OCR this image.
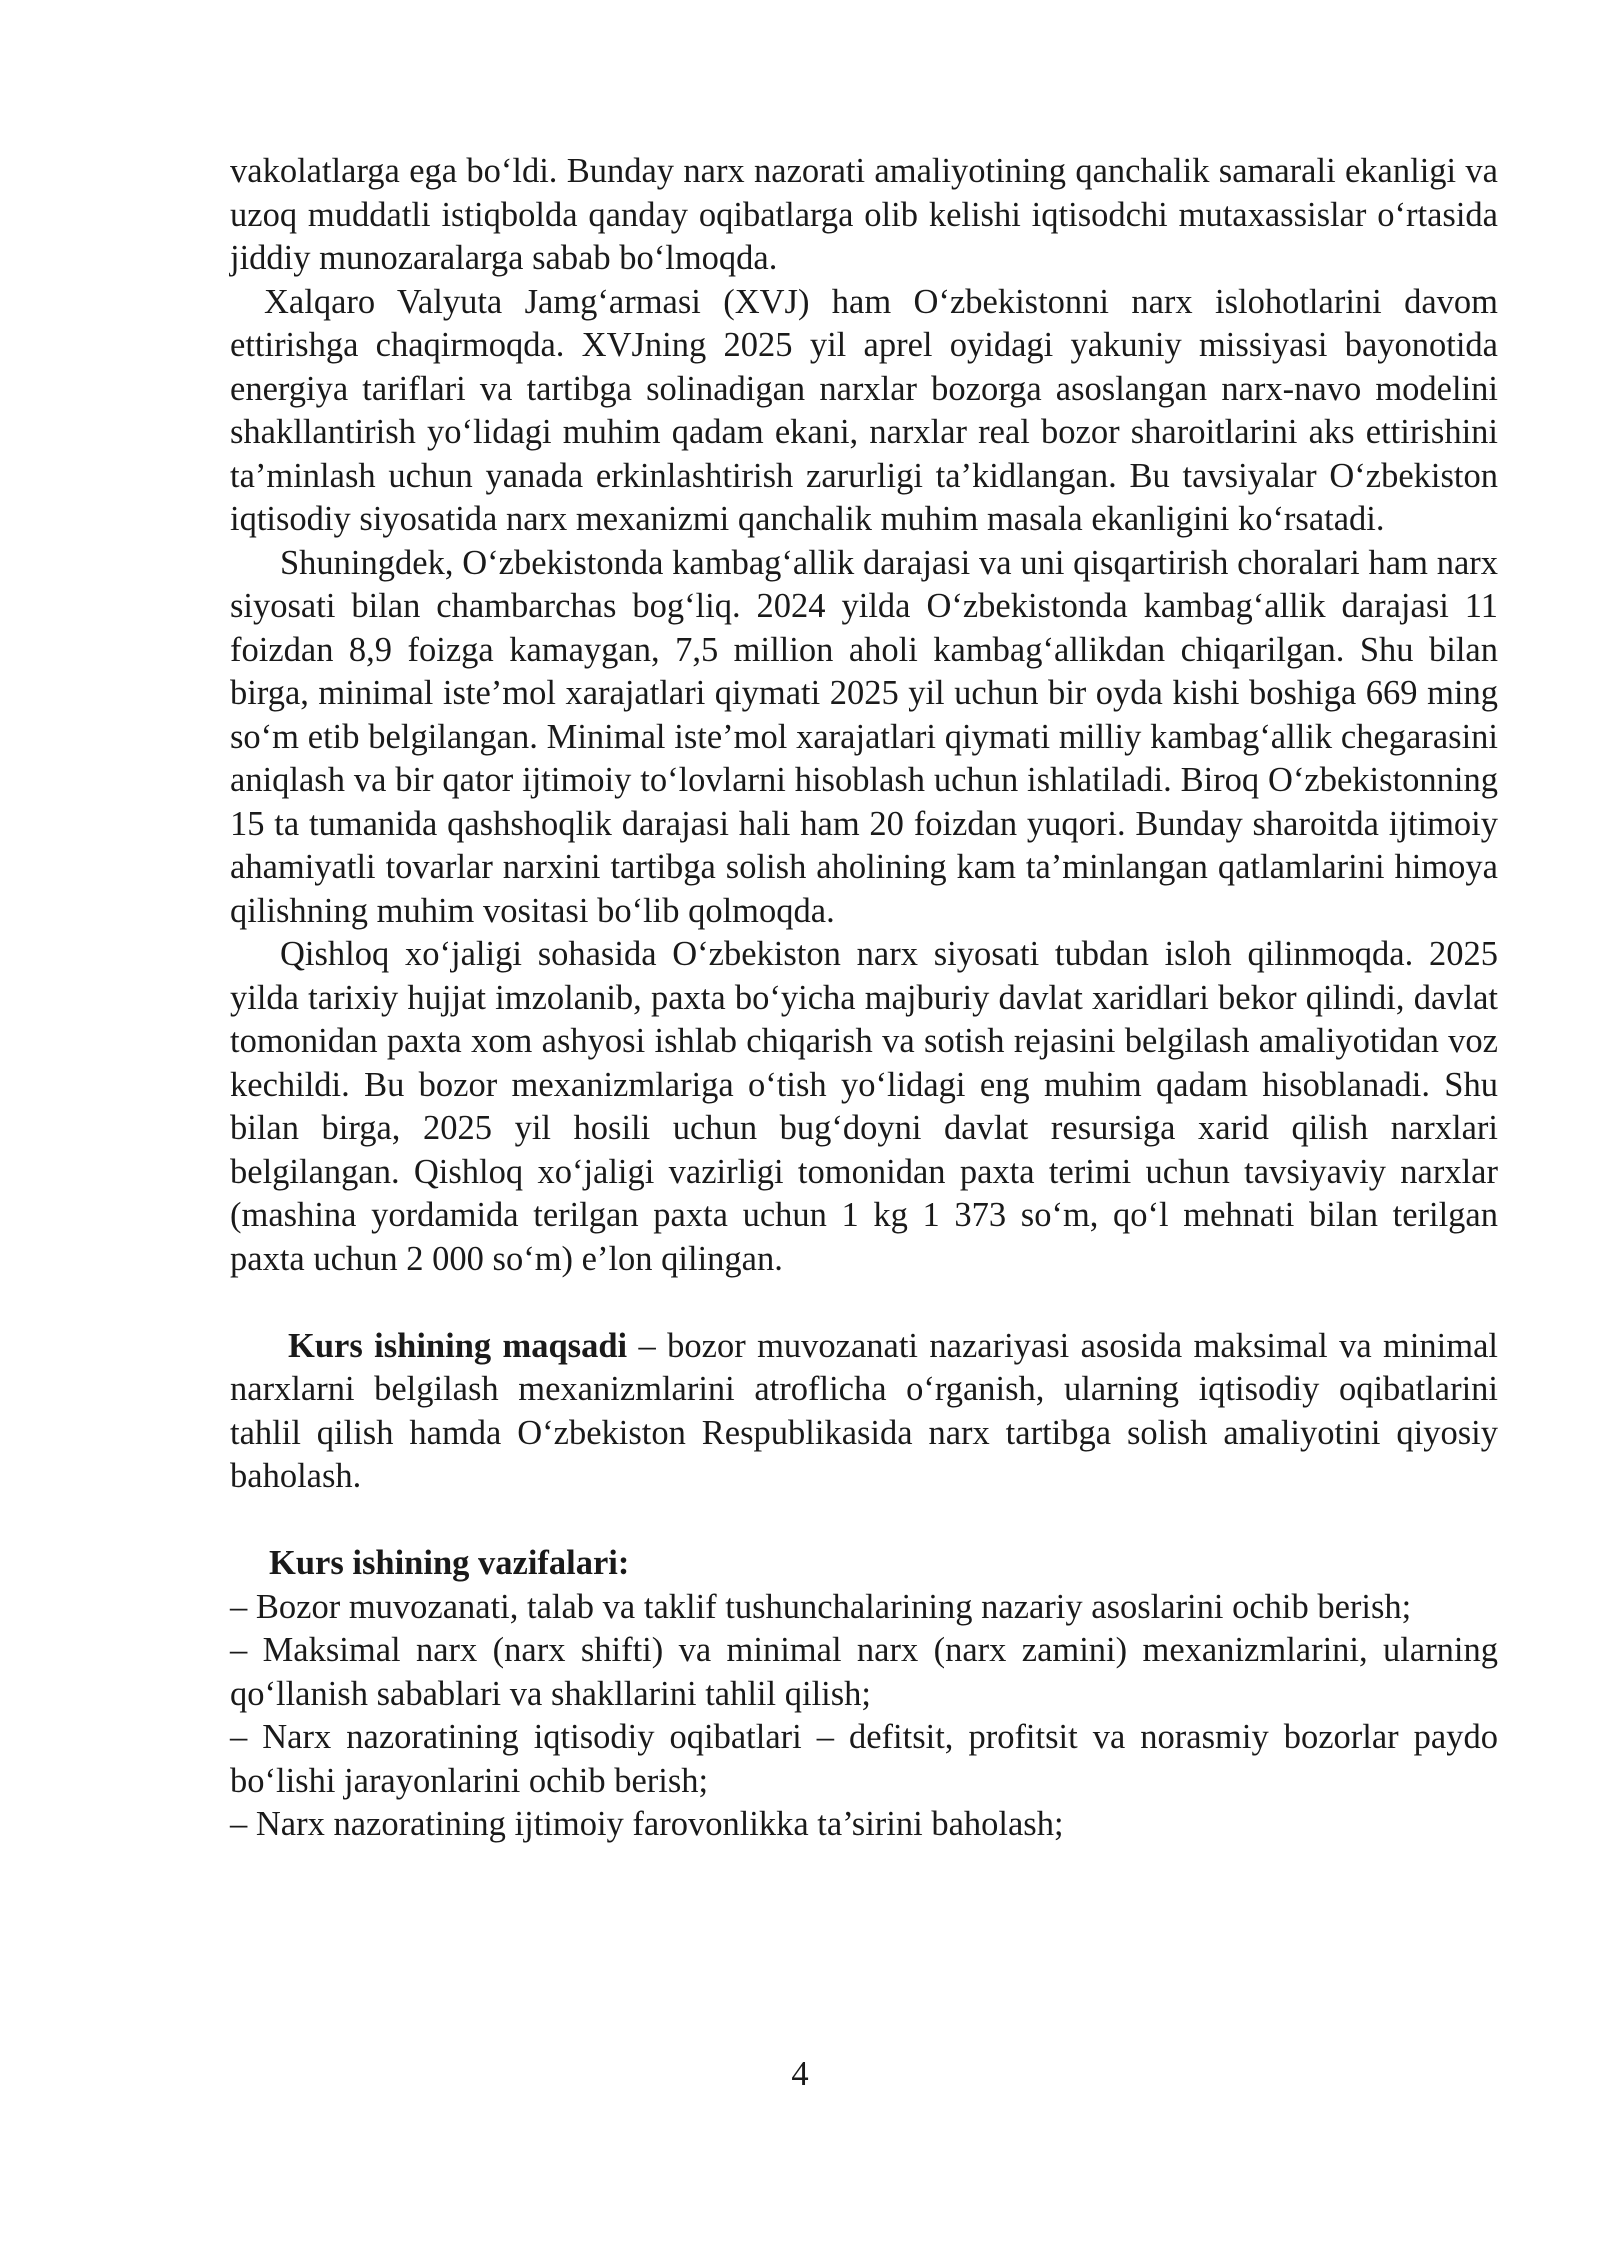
vakolatlarga ega bo‘ldi. Bunday narx nazorati amaliyotining qanchalik samarali ekanligi va uzoq muddatli istiqbolda qanday oqibatlarga olib kelishi iqtisodchi mutaxassislar o‘rtasida jiddiy munozaralarga sabab bo‘lmoqda.

Xalqaro Valyuta Jamg‘armasi (XVJ) ham O‘zbekistonni narx islohotlarini davom ettirishga chaqirmoqda. XVJning 2025 yil aprel oyidagi yakuniy missiyasi bayonotida energiya tariflari va tartibga solinadigan narxlar bozorga asoslangan narx-navo modelini shakllantirish yo‘lidagi muhim qadam ekani, narxlar real bozor sharoitlarini aks ettirishini ta’minlash uchun yanada erkinlashtirish zarurligi ta’kidlangan. Bu tavsiyalar O‘zbekiston iqtisodiy siyosatida narx mexanizmi qanchalik muhim masala ekanligini ko‘rsatadi.

Shuningdek, O‘zbekistonda kambag‘allik darajasi va uni qisqartirish choralari ham narx siyosati bilan chambarchas bog‘liq. 2024 yilda O‘zbekistonda kambag‘allik darajasi 11 foizdan 8,9 foizga kamaygan, 7,5 million aholi kambag‘allikdan chiqarilgan. Shu bilan birga, minimal iste’mol xarajatlari qiymati 2025 yil uchun bir oyda kishi boshiga 669 ming so‘m etib belgilangan. Minimal iste’mol xarajatlari qiymati milliy kambag‘allik chegarasini aniqlash va bir qator ijtimoiy to‘lovlarni hisoblash uchun ishlatiladi. Biroq O‘zbekistonning 15 ta tumanida qashshoqlik darajasi hali ham 20 foizdan yuqori. Bunday sharoitda ijtimoiy ahamiyatli tovarlar narxini tartibga solish aholining kam ta’minlangan qatlamlarini himoya qilishning muhim vositasi bo‘lib qolmoqda.

Qishloq xo‘jaligi sohasida O‘zbekiston narx siyosati tubdan isloh qilinmoqda. 2025 yilda tarixiy hujjat imzolanib, paxta bo‘yicha majburiy davlat xaridlari bekor qilindi, davlat tomonidan paxta xom ashyosi ishlab chiqarish va sotish rejasini belgilash amaliyotidan voz kechildi. Bu bozor mexanizmlariga o‘tish yo‘lidagi eng muhim qadam hisoblanadi. Shu bilan birga, 2025 yil hosili uchun bug‘doyni davlat resursiga xarid qilish narxlari belgilangan. Qishloq xo‘jaligi vazirligi tomonidan paxta terimi uchun tavsiyaviy narxlar (mashina yordamida terilgan paxta uchun 1 kg 1 373 so‘m, qo‘l mehnati bilan terilgan paxta uchun 2 000 so‘m) e’lon qilingan.

Kurs ishining maqsadi – bozor muvozanati nazariyasi asosida maksimal va minimal narxlarni belgilash mexanizmlarini atroflicha o‘rganish, ularning iqtisodiy oqibatlarini tahlil qilish hamda O‘zbekiston Respublikasida narx tartibga solish amaliyotini qiyosiy baholash.

Kurs ishining vazifalari:

– Bozor muvozanati, talab va taklif tushunchalarining nazariy asoslarini ochib berish;

– Maksimal narx (narx shifti) va minimal narx (narx zamini) mexanizmlarini, ularning qo‘llanish sabablari va shakllarini tahlil qilish;

– Narx nazoratining iqtisodiy oqibatlari – defitsit, profitsit va norasmiy bozorlar paydo bo‘lishi jarayonlarini ochib berish;

– Narx nazoratining ijtimoiy farovonlikka ta’sirini baholash;

4
